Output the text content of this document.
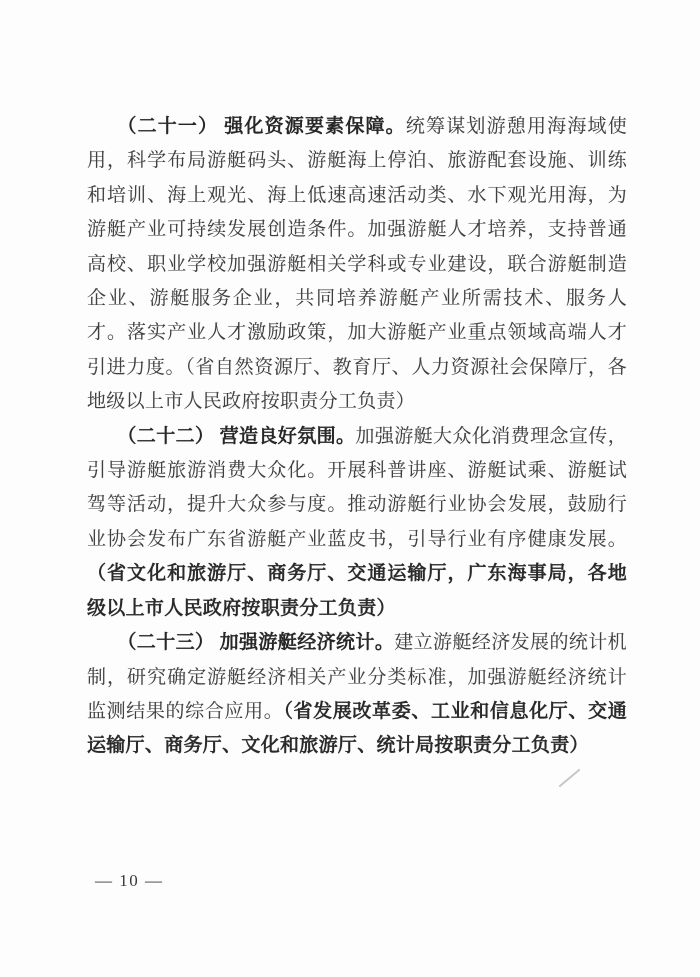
（二十一） 强化资源要素保障。统筹谋划游憩用海海域使用，科学布局游艇码头、游艇海上停泊、旅游配套设施、训练和培训、海上观光、海上低速高速活动类、水下观光用海，为游艇产业可持续发展创造条件。加强游艇人才培养，支持普通高校、职业学校加强游艇相关学科或专业建设，联合游艇制造企业、游艇服务企业，共同培养游艇产业所需技术、服务人才。落实产业人才激励政策，加大游艇产业重点领域高端人才引进力度。（省自然资源厅、教育厅、人力资源社会保障厅，各地级以上市人民政府按职责分工负责）

（二十二） 营造良好氛围。加强游艇大众化消费理念宣传，引导游艇旅游消费大众化。开展科普讲座、游艇试乘、游艇试驾等活动，提升大众参与度。推动游艇行业协会发展，鼓励行业协会发布广东省游艇产业蓝皮书，引导行业有序健康发展。（省文化和旅游厅、商务厅、交通运输厅，广东海事局，各地级以上市人民政府按职责分工负责）

（二十三） 加强游艇经济统计。建立游艇经济发展的统计机制，研究确定游艇经济相关产业分类标准，加强游艇经济统计监测结果的综合应用。（省发展改革委、工业和信息化厅、交通运输厅、商务厅、文化和旅游厅、统计局按职责分工负责）

— 10 —
